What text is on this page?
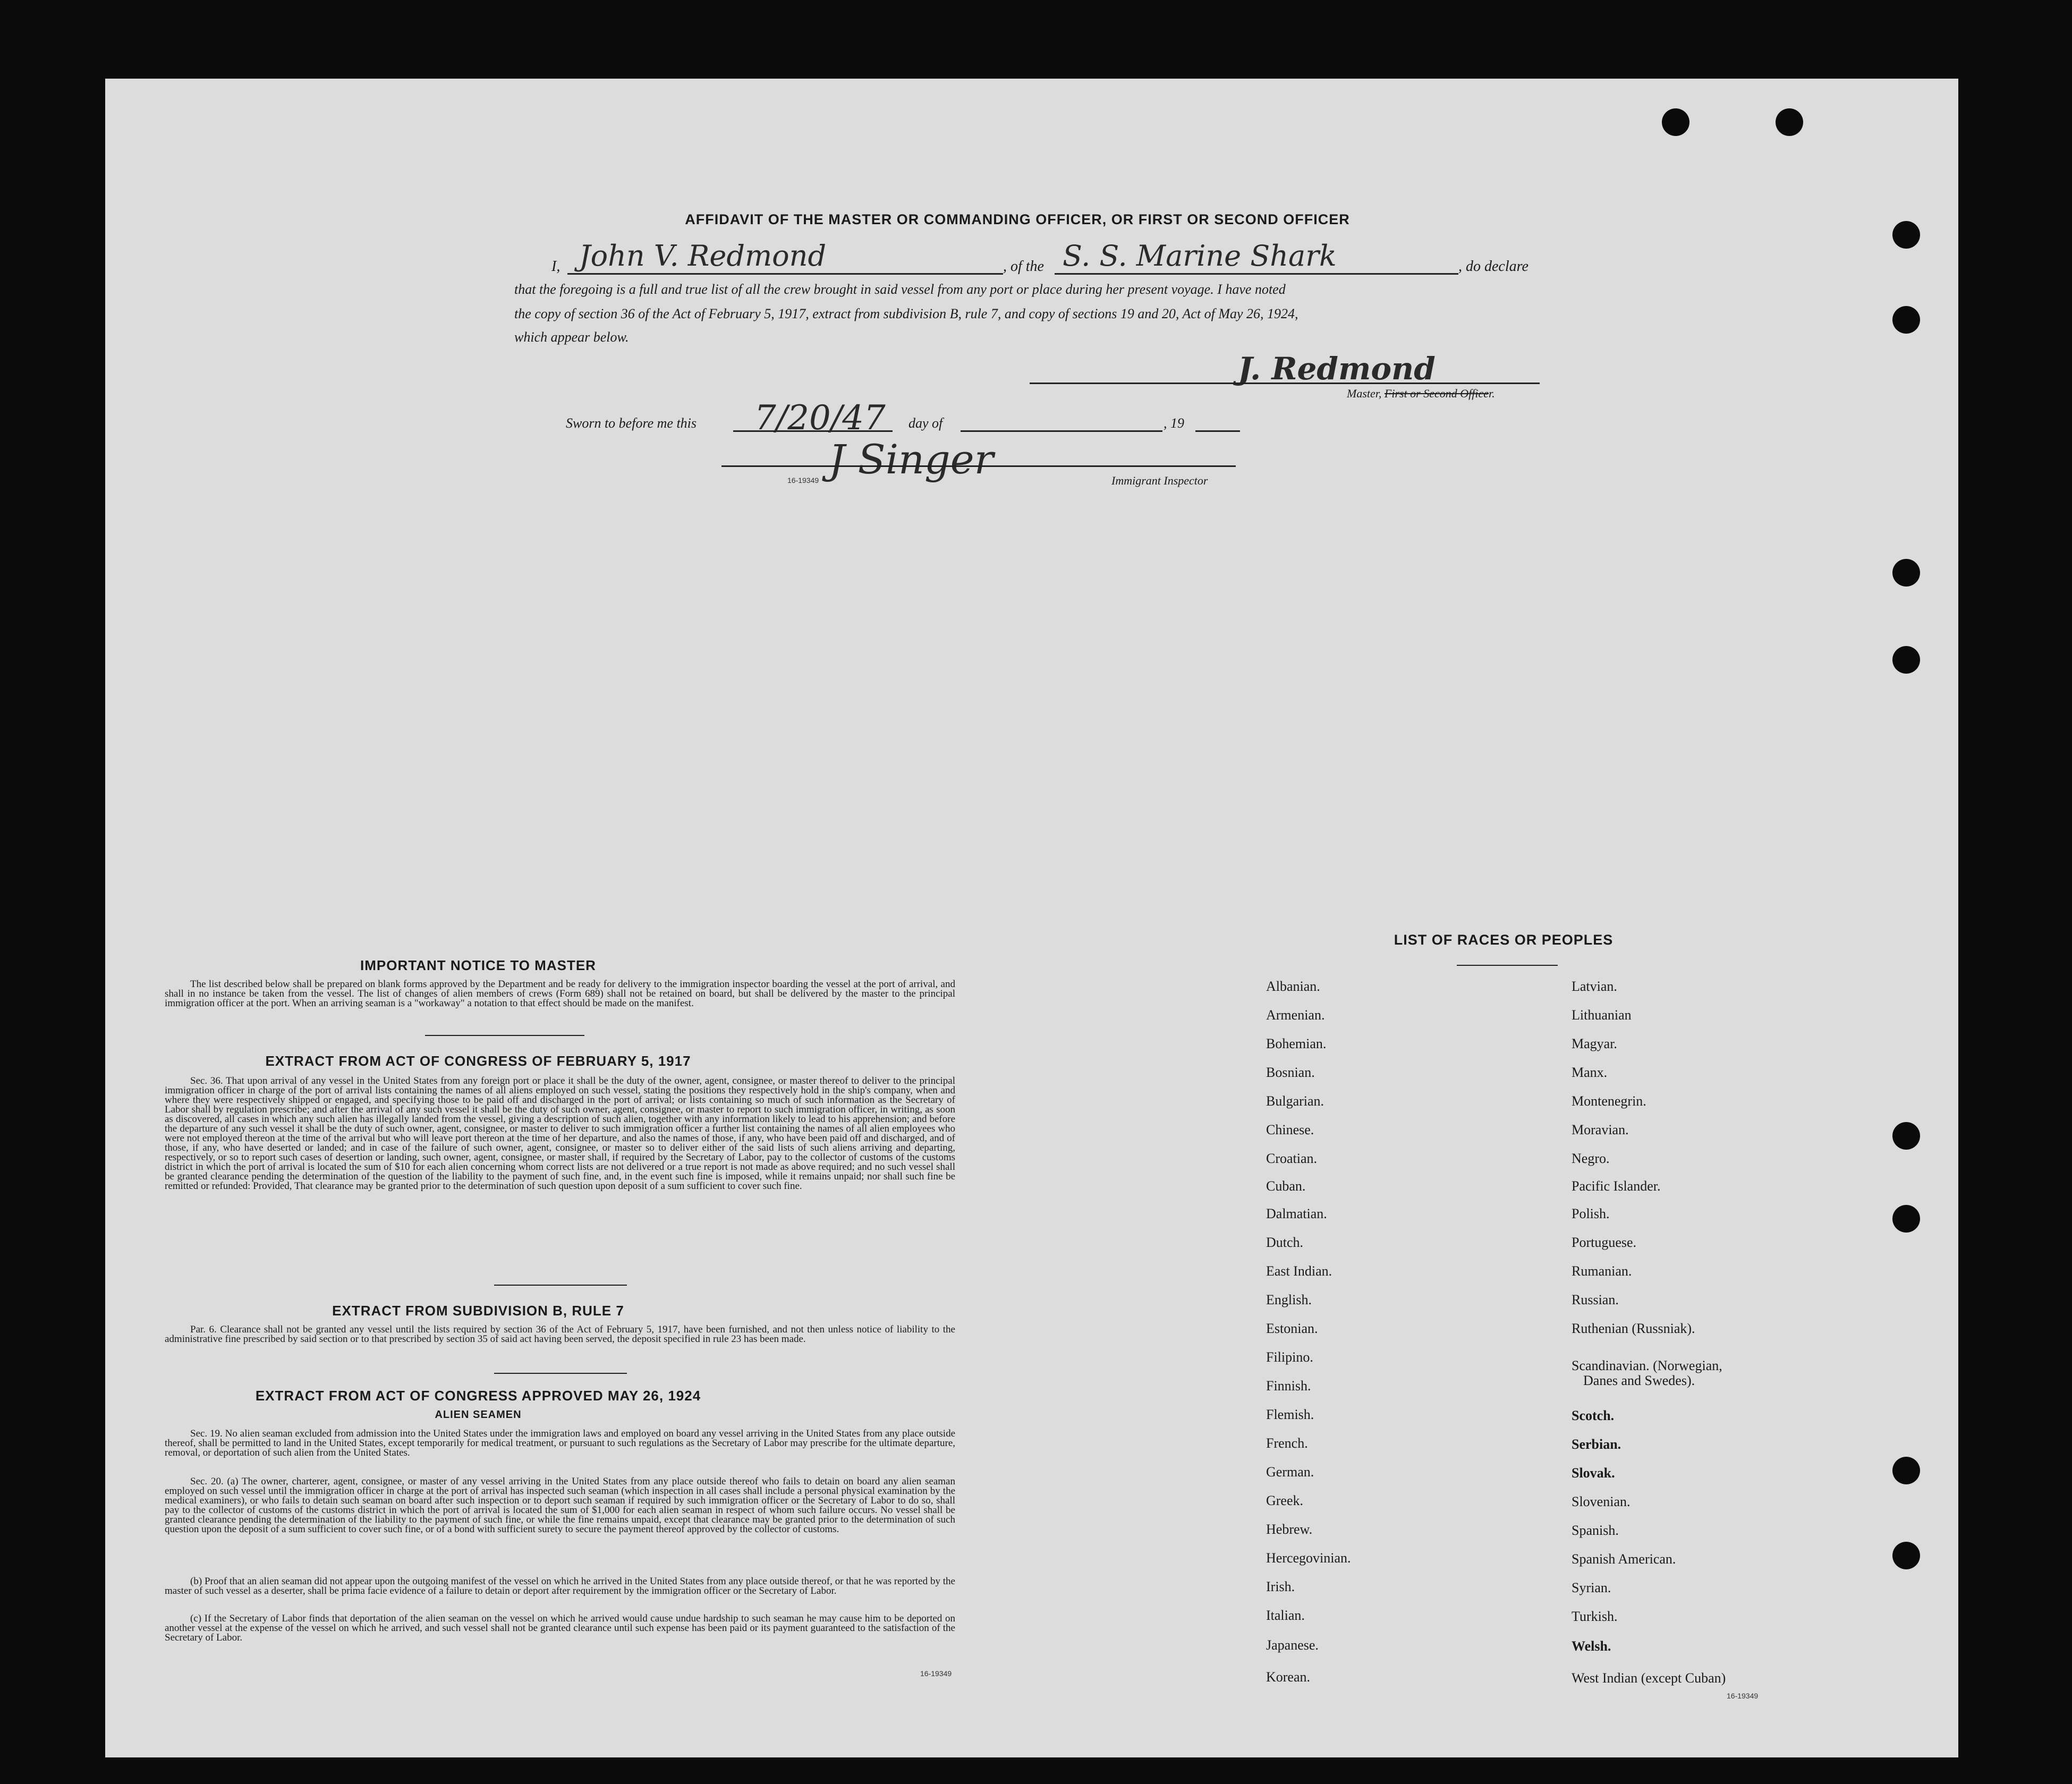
AFFIDAVIT OF THE MASTER OR COMMANDING OFFICER, OR FIRST OR SECOND OFFICER
I, John V. Redmond	, of the S. S. Marine Shark	, do declare
that the foregoing is a full and true list of all the crew brought in said vessel from any port or place during her present voyage. I have noted
the copy of section 36 of the Act of February 5, 1917, extract from subdivision B, rule 7, and copy of sections 19 and 20, Act of May 26, 1924,
which appear below.
J. Redmond
Master, First or Second Officer.
Sworn to before me this 7/20/47 day of	, 19
J Singer
16-19349	Immigrant Inspector
IMPORTANT NOTICE TO MASTER
The list described below shall be prepared on blank forms approved by the Department and be ready for delivery to the immigration inspector boarding the vessel at the port of arrival, and shall in no instance be taken from the vessel. The list of changes of alien members of crews (Form 689) shall not be retained on board, but shall be delivered by the master to the principal immigration officer at the port. When an arriving seaman is a "workaway" a notation to that effect should be made on the manifest.
EXTRACT FROM ACT OF CONGRESS OF FEBRUARY 5, 1917
Sec. 36. That upon arrival of any vessel in the United States from any foreign port or place it shall be the duty of the owner, agent, consignee, or master thereof to deliver to the principal immigration officer in charge of the port of arrival lists containing the names of all aliens employed on such vessel, stating the positions they respectively hold in the ship's company, when and where they were respectively shipped or engaged, and specifying those to be paid off and discharged in the port of arrival; or lists containing so much of such information as the Secretary of Labor shall by regulation prescribe; and after the arrival of any such vessel it shall be the duty of such owner, agent, consignee, or master to report to such immigration officer, in writing, as soon as discovered, all cases in which any such alien has illegally landed from the vessel, giving a description of such alien, together with any information likely to lead to his apprehension; and before the departure of any such vessel it shall be the duty of such owner, agent, consignee, or master to deliver to such immigration officer a further list containing the names of all alien employees who were not employed thereon at the time of the arrival but who will leave port thereon at the time of her departure, and also the names of those, if any, who have been paid off and discharged, and of those, if any, who have deserted or landed; and in case of the failure of such owner, agent, consignee, or master so to deliver either of the said lists of such aliens arriving and departing, respectively, or so to report such cases of desertion or landing, such owner, agent, consignee, or master shall, if required by the Secretary of Labor, pay to the collector of customs of the customs district in which the port of arrival is located the sum of $10 for each alien concerning whom correct lists are not delivered or a true report is not made as above required; and no such vessel shall be granted clearance pending the determination of the question of the liability to the payment of such fine, and, in the event such fine is imposed, while it remains unpaid; nor shall such fine be remitted or refunded: Provided, That clearance may be granted prior to the determination of such question upon deposit of a sum sufficient to cover such fine.
EXTRACT FROM SUBDIVISION B, RULE 7
Par. 6. Clearance shall not be granted any vessel until the lists required by section 36 of the Act of February 5, 1917, have been furnished, and not then unless notice of liability to the administrative fine prescribed by said section or to that prescribed by section 35 of said act having been served, the deposit specified in rule 23 has been made.
EXTRACT FROM ACT OF CONGRESS APPROVED MAY 26, 1924
ALIEN SEAMEN
Sec. 19. No alien seaman excluded from admission into the United States under the immigration laws and employed on board any vessel arriving in the United States from any place outside thereof, shall be permitted to land in the United States, except temporarily for medical treatment, or pursuant to such regulations as the Secretary of Labor may prescribe for the ultimate departure, removal, or deportation of such alien from the United States.
Sec. 20. (a) The owner, charterer, agent, consignee, or master of any vessel arriving in the United States from any place outside thereof who fails to detain on board any alien seaman employed on such vessel until the immigration officer in charge at the port of arrival has inspected such seaman (which inspection in all cases shall include a personal physical examination by the medical examiners), or who fails to detain such seaman on board after such inspection or to deport such seaman if required by such immigration officer or the Secretary of Labor to do so, shall pay to the collector of customs of the customs district in which the port of arrival is located the sum of $1,000 for each alien seaman in respect of whom such failure occurs. No vessel shall be granted clearance pending the determination of the liability to the payment of such fine, or while the fine remains unpaid, except that clearance may be granted prior to the determination of such question upon the deposit of a sum sufficient to cover such fine, or of a bond with sufficient surety to secure the payment thereof approved by the collector of customs.
(b) Proof that an alien seaman did not appear upon the outgoing manifest of the vessel on which he arrived in the United States from any place outside thereof, or that he was reported by the master of such vessel as a deserter, shall be prima facie evidence of a failure to detain or deport after requirement by the immigration officer or the Secretary of Labor.
(c) If the Secretary of Labor finds that deportation of the alien seaman on the vessel on which he arrived would cause undue hardship to such seaman he may cause him to be deported on another vessel at the expense of the vessel on which he arrived, and such vessel shall not be granted clearance until such expense has been paid or its payment guaranteed to the satisfaction of the Secretary of Labor.
16-19349
LIST OF RACES OR PEOPLES
Albanian.
Armenian.
Bohemian.
Bosnian.
Bulgarian.
Chinese.
Croatian.
Cuban.
Dalmatian.
Dutch.
East Indian.
English.
Estonian.
Filipino.
Finnish.
Flemish.
French.
German.
Greek.
Hebrew.
Hercegovinian.
Irish.
Italian.
Japanese.
Korean.
Latvian.
Lithuanian
Magyar.
Manx.
Montenegrin.
Moravian.
Negro.
Pacific Islander.
Polish.
Portuguese.
Rumanian.
Russian.
Ruthenian (Russniak).
Scandinavian. (Norwegian,
Danes and Swedes).
Scotch.
Serbian.
Slovak.
Slovenian.
Spanish.
Spanish American.
Syrian.
Turkish.
Welsh.
West Indian (except Cuban)
16-19349
